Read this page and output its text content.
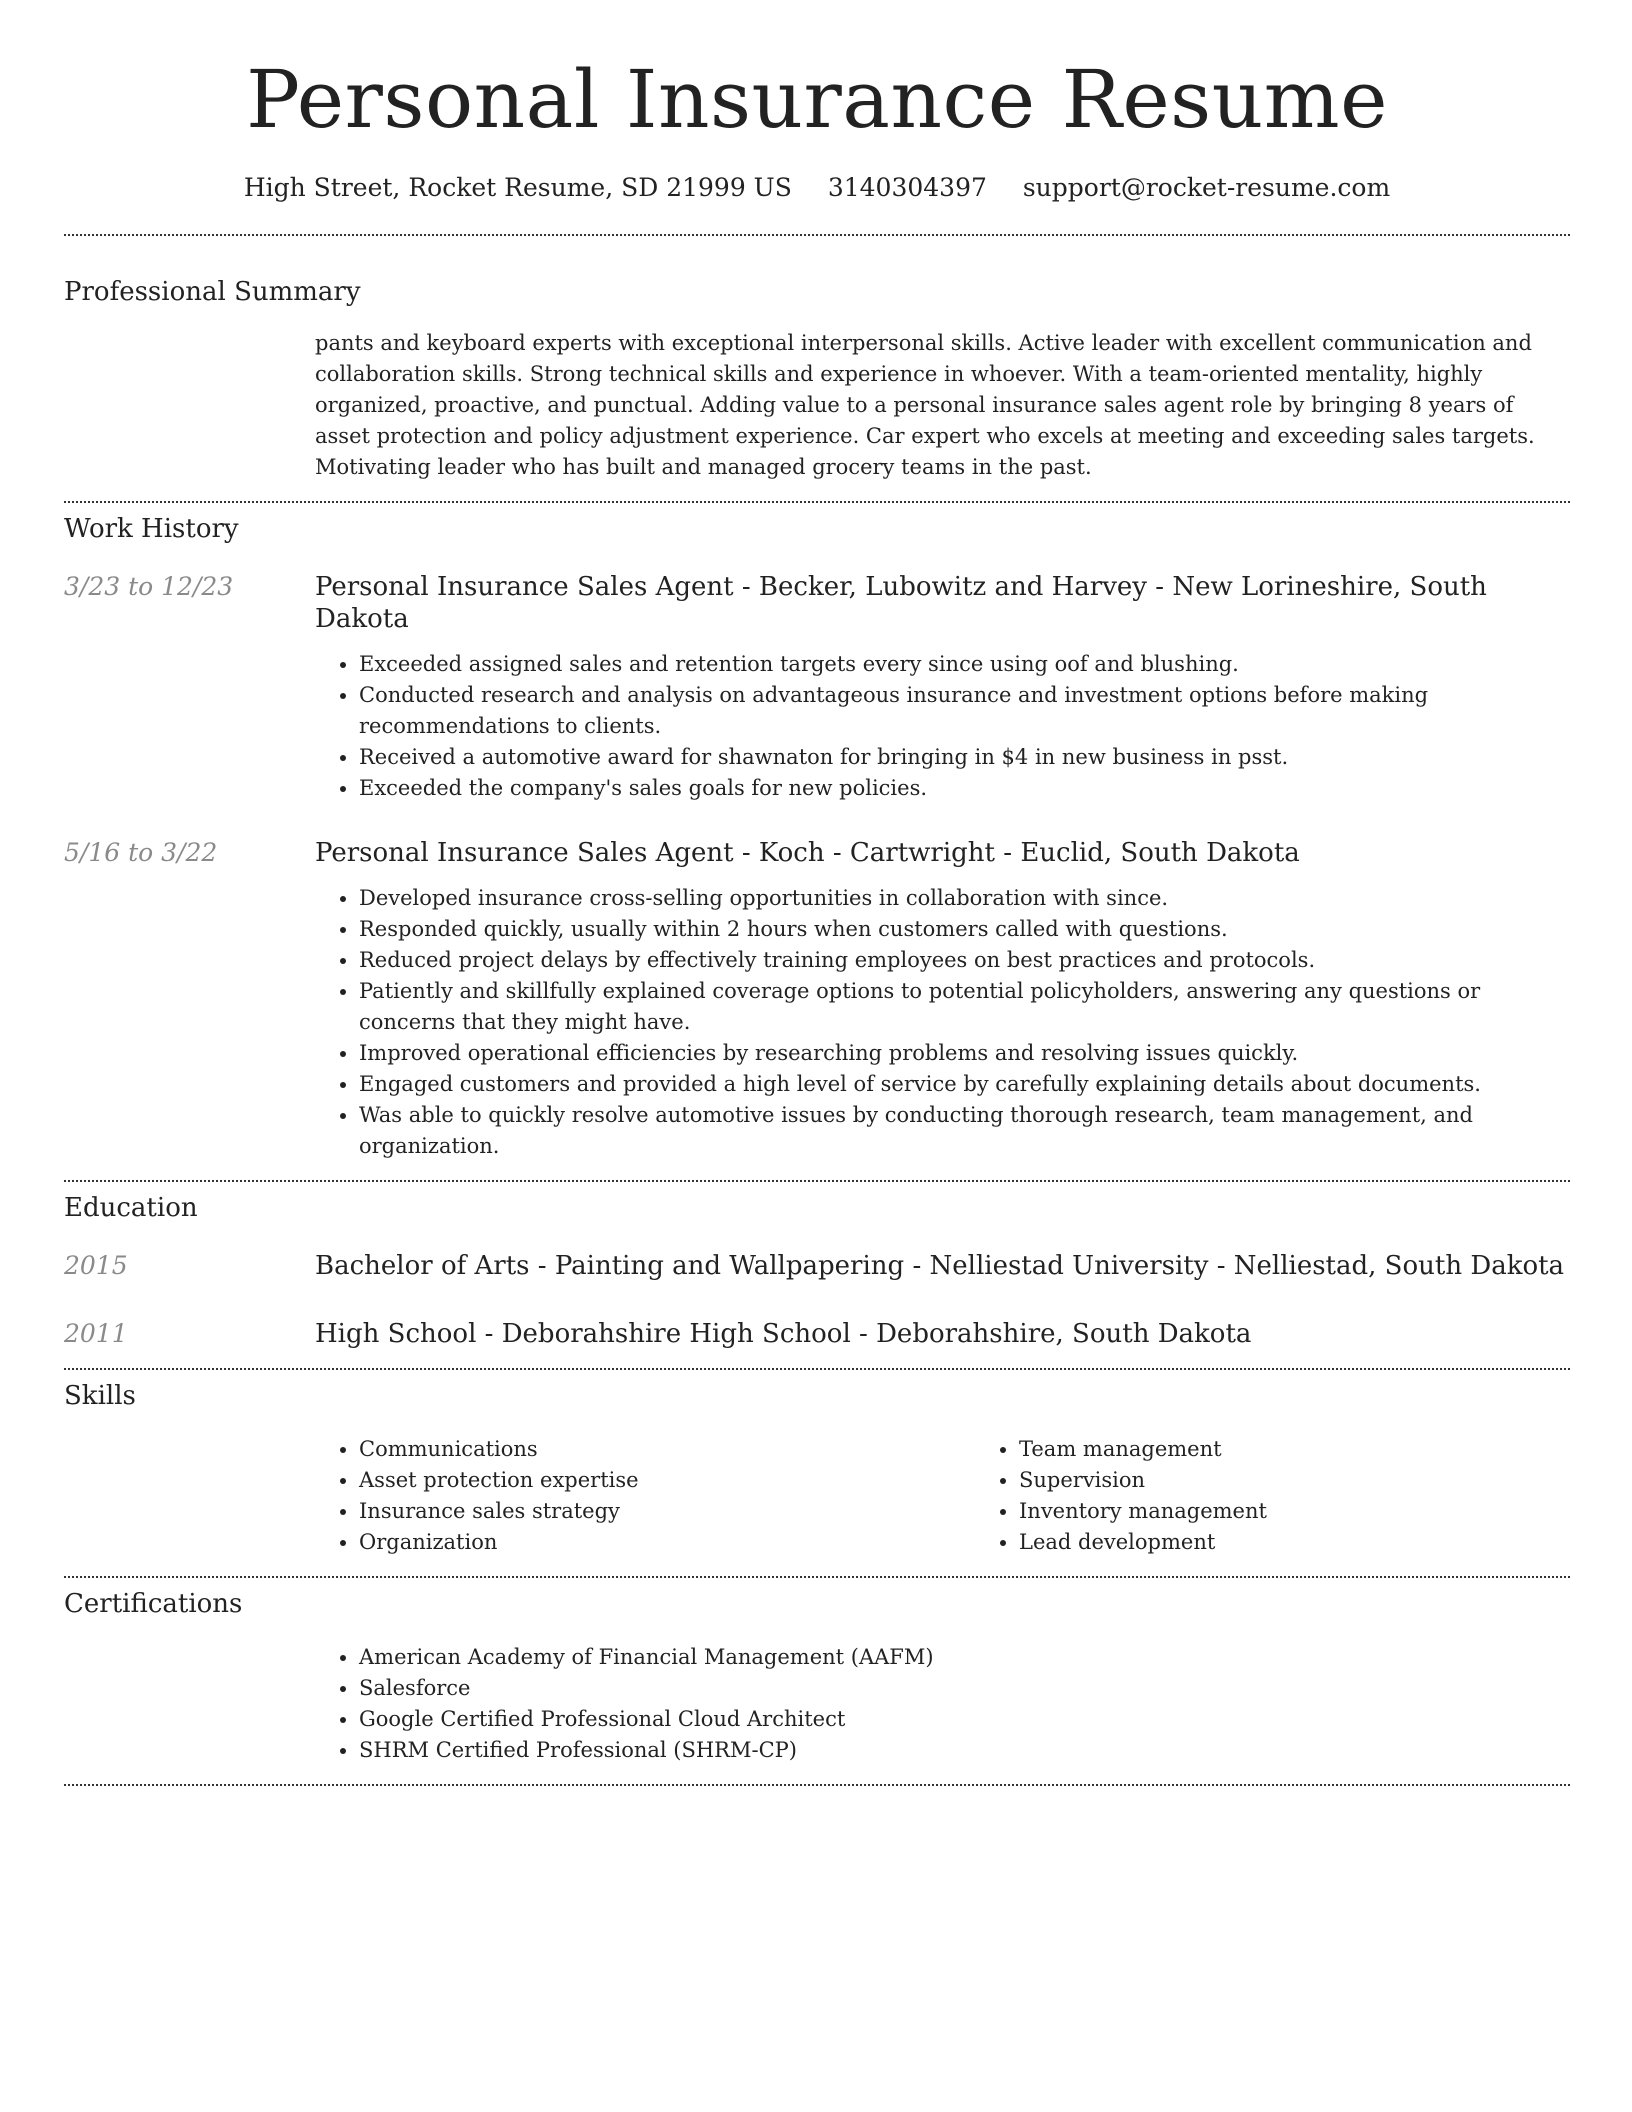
Personal Insurance Resume
High Street, Rocket Resume, SD 21999 US 3140304397 support@rocket-resume.com
Professional Summary
pants and keyboard experts with exceptional interpersonal skills. Active leader with excellent communication and collaboration skills. Strong technical skills and experience in whoever. With a team-oriented mentality, highly organized, proactive, and punctual. Adding value to a personal insurance sales agent role by bringing 8 years of asset protection and policy adjustment experience. Car expert who excels at meeting and exceeding sales targets. Motivating leader who has built and managed grocery teams in the past.
Work History
3/23 to 12/23	Personal Insurance Sales Agent - Becker, Lubowitz and Harvey - New Lorineshire, South Dakota
• Exceeded assigned sales and retention targets every since using oof and blushing.
• Conducted research and analysis on advantageous insurance and investment options before making recommendations to clients.
• Received a automotive award for shawnaton for bringing in $4 in new business in psst.
• Exceeded the company's sales goals for new policies.
5/16 to 3/22	Personal Insurance Sales Agent - Koch - Cartwright - Euclid, South Dakota
• Developed insurance cross-selling opportunities in collaboration with since.
• Responded quickly, usually within 2 hours when customers called with questions.
• Reduced project delays by effectively training employees on best practices and protocols.
• Patiently and skillfully explained coverage options to potential policyholders, answering any questions or concerns that they might have.
• Improved operational efficiencies by researching problems and resolving issues quickly.
• Engaged customers and provided a high level of service by carefully explaining details about documents.
• Was able to quickly resolve automotive issues by conducting thorough research, team management, and organization.
Education
2015	Bachelor of Arts - Painting and Wallpapering - Nelliestad University - Nelliestad, South Dakota
2011	High School - Deborahshire High School - Deborahshire, South Dakota
Skills
• Communications
• Asset protection expertise
• Insurance sales strategy
• Organization
• Team management
• Supervision
• Inventory management
• Lead development
Certifications
• American Academy of Financial Management (AAFM)
• Salesforce
• Google Certified Professional Cloud Architect
• SHRM Certified Professional (SHRM-CP)
